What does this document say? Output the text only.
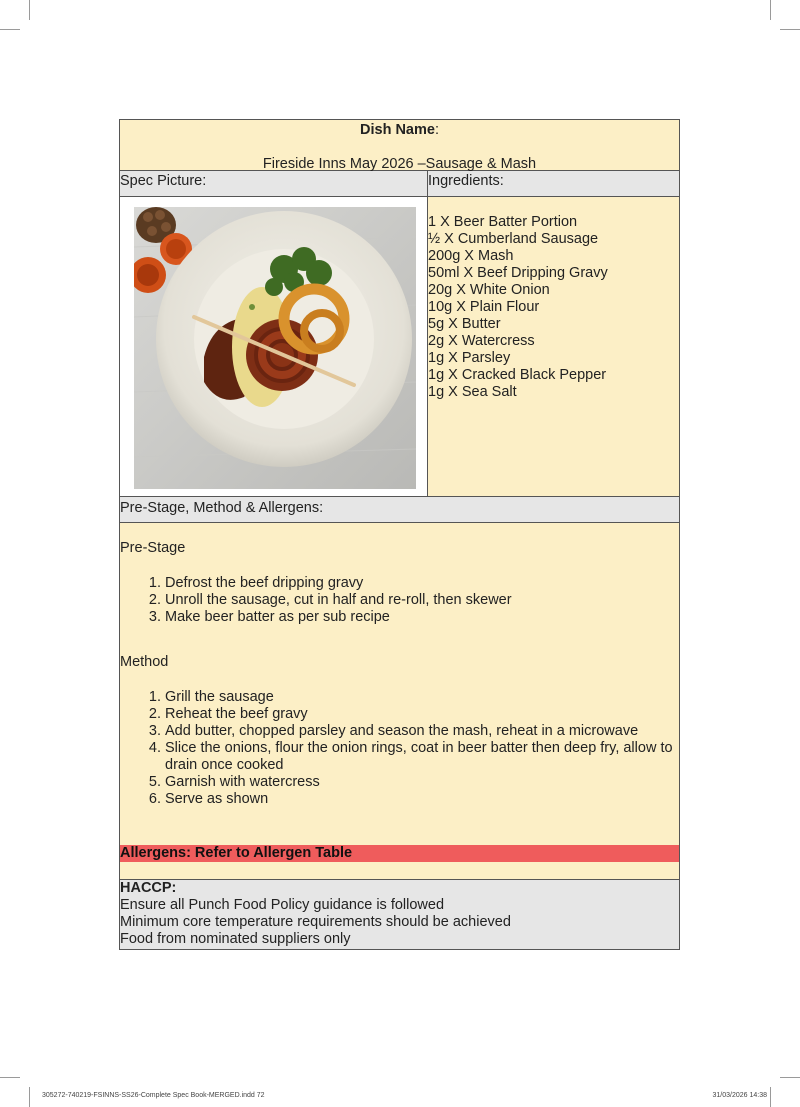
Dish Name:
Fireside Inns May 2026 –Sausage & Mash
Spec Picture:	Ingredients:
1 X Beer Batter Portion
½ X Cumberland Sausage
200g X Mash
50ml X Beef Dripping Gravy
20g X White Onion
10g X Plain Flour
5g X Butter
2g X Watercress
1g X Parsley
1g X Cracked Black Pepper
1g X Sea Salt
Pre-Stage, Method & Allergens:

Pre-Stage

1. Defrost the beef dripping gravy
2. Unroll the sausage, cut in half and re-roll, then skewer
3. Make beer batter as per sub recipe

Method

1. Grill the sausage
2. Reheat the beef gravy
3. Add butter, chopped parsley and season the mash, reheat in a microwave
4. Slice the onions, flour the onion rings, coat in beer batter then deep fry, allow to drain once cooked
5. Garnish with watercress
6. Serve as shown
Allergens: Refer to Allergen Table
HACCP:
Ensure all Punch Food Policy guidance is followed
Minimum core temperature requirements should be achieved
Food from nominated suppliers only
305272-740219-FSINNS-SS26-Complete Spec Book-MERGED.indd 72	31/03/2026 14:38
